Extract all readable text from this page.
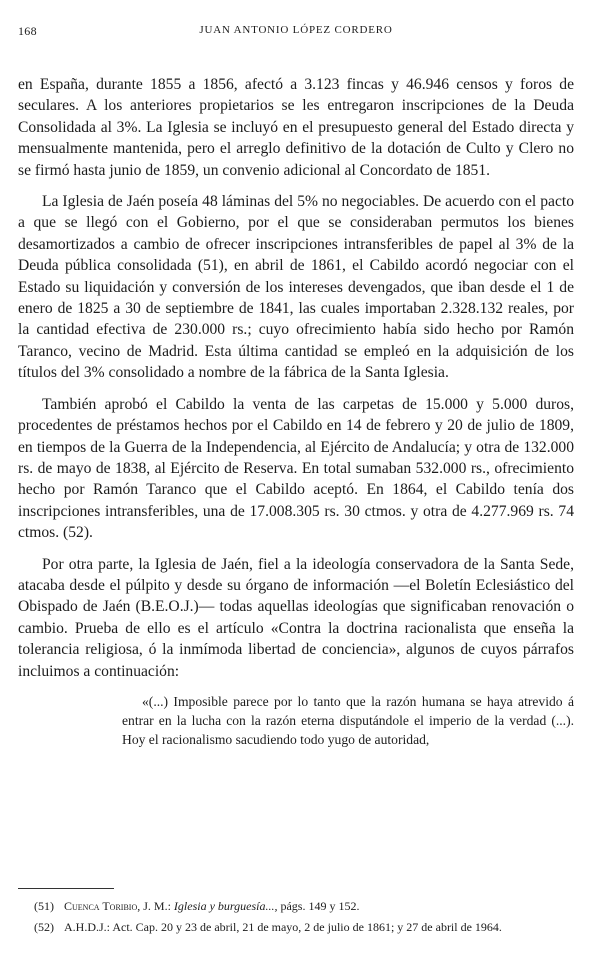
168	JUAN ANTONIO LÓPEZ CORDERO

en España, durante 1855 a 1856, afectó a 3.123 fincas y 46.946 censos y foros de seculares. A los anteriores propietarios se les entregaron inscripciones de la Deuda Consolidada al 3%. La Iglesia se incluyó en el presupuesto general del Estado directa y mensualmente mantenida, pero el arreglo definitivo de la dotación de Culto y Clero no se firmó hasta junio de 1859, un convenio adicional al Concordato de 1851.

La Iglesia de Jaén poseía 48 láminas del 5% no negociables. De acuerdo con el pacto a que se llegó con el Gobierno, por el que se consideraban permutos los bienes desamortizados a cambio de ofrecer inscripciones intransferibles de papel al 3% de la Deuda pública consolidada (51), en abril de 1861, el Cabildo acordó negociar con el Estado su liquidación y conversión de los intereses devengados, que iban desde el 1 de enero de 1825 a 30 de septiembre de 1841, las cuales importaban 2.328.132 reales, por la cantidad efectiva de 230.000 rs.; cuyo ofrecimiento había sido hecho por Ramón Taranco, vecino de Madrid. Esta última cantidad se empleó en la adquisición de los títulos del 3% consolidado a nombre de la fábrica de la Santa Iglesia.

También aprobó el Cabildo la venta de las carpetas de 15.000 y 5.000 duros, procedentes de préstamos hechos por el Cabildo en 14 de febrero y 20 de julio de 1809, en tiempos de la Guerra de la Independencia, al Ejército de Andalucía; y otra de 132.000 rs. de mayo de 1838, al Ejército de Reserva. En total sumaban 532.000 rs., ofrecimiento hecho por Ramón Taranco que el Cabildo aceptó. En 1864, el Cabildo tenía dos inscripciones intransferibles, una de 17.008.305 rs. 30 ctmos. y otra de 4.277.969 rs. 74 ctmos. (52).

Por otra parte, la Iglesia de Jaén, fiel a la ideología conservadora de la Santa Sede, atacaba desde el púlpito y desde su órgano de información —el Boletín Eclesiástico del Obispado de Jaén (B.E.O.J.)— todas aquellas ideologías que significaban renovación o cambio. Prueba de ello es el artículo «Contra la doctrina racionalista que enseña la tolerancia religiosa, ó la inmímoda libertad de conciencia», algunos de cuyos párrafos incluimos a continuación:

«(...) Imposible parece por lo tanto que la razón humana se haya atrevido á entrar en la lucha con la razón eterna disputándole el imperio de la verdad (...). Hoy el racionalismo sacudiendo todo yugo de autoridad,
(51) Cuenca Toribio, J. M.: Iglesia y burguesía..., págs. 149 y 152.
(52) A.H.D.J.: Act. Cap. 20 y 23 de abril, 21 de mayo, 2 de julio de 1861; y 27 de abril de 1964.
